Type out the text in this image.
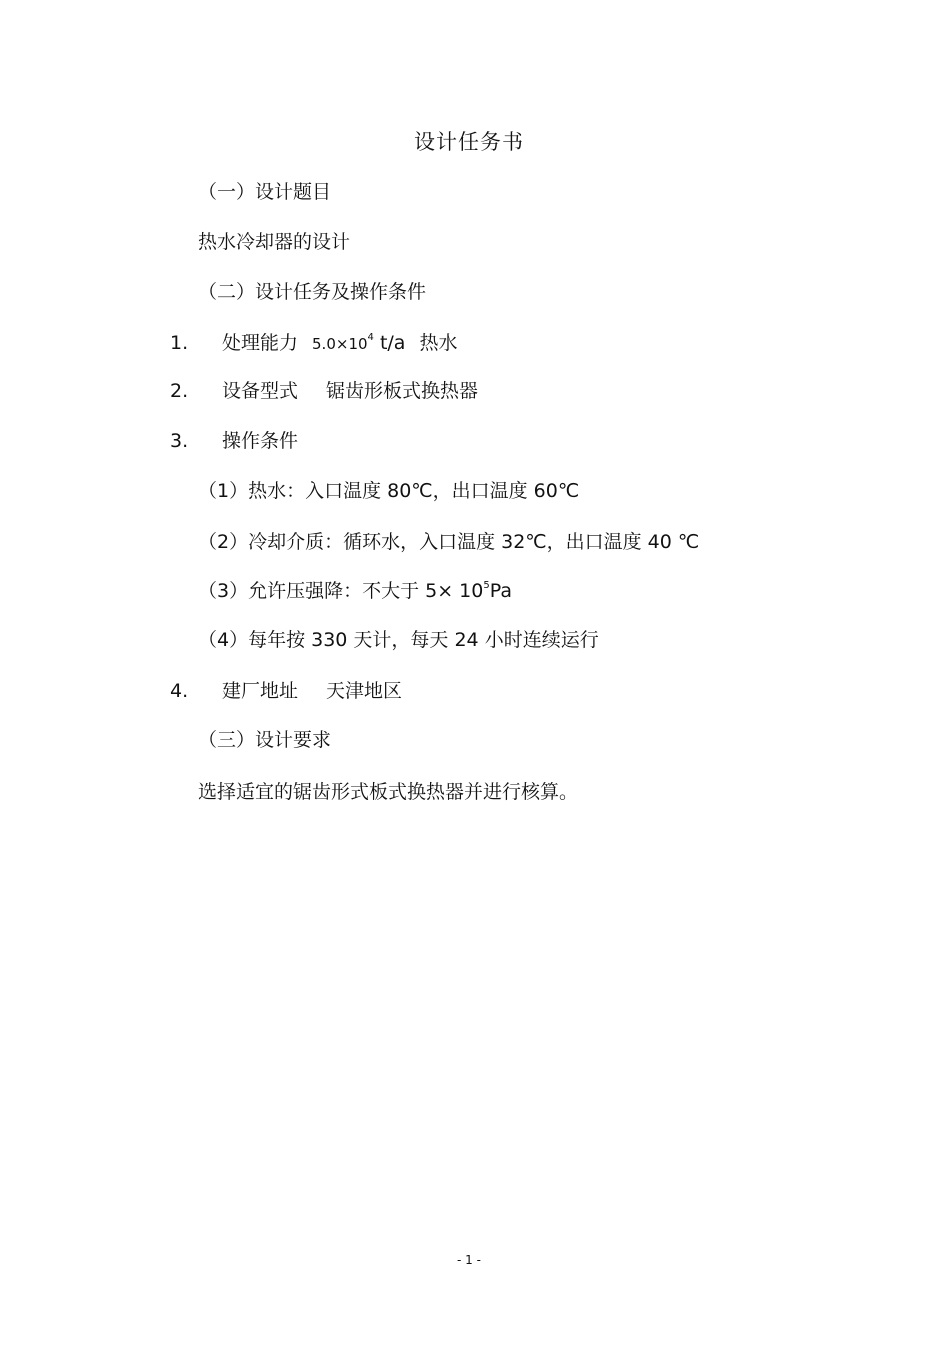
设计任务书
（一）设计题目
热水冷却器的设计
（二）设计任务及操作条件
1. 处理能力 $5.0\times 10^4$ t/a 热水
2. 设备型式 锯齿形板式换热器
3. 操作条件
（1）热水：入口温度 80℃，出口温度 60℃
（2）冷却介质：循环水，入口温度 32℃，出口温度 40 ℃
（3）允许压强降：不大于 $5\times 10^5Pa$
（4）每年按 330 天计，每天 24 小时连续运行
4. 建厂地址 天津地区
（三）设计要求
选择适宜的锯齿形式板式换热器并进行核算。
- 1 -
